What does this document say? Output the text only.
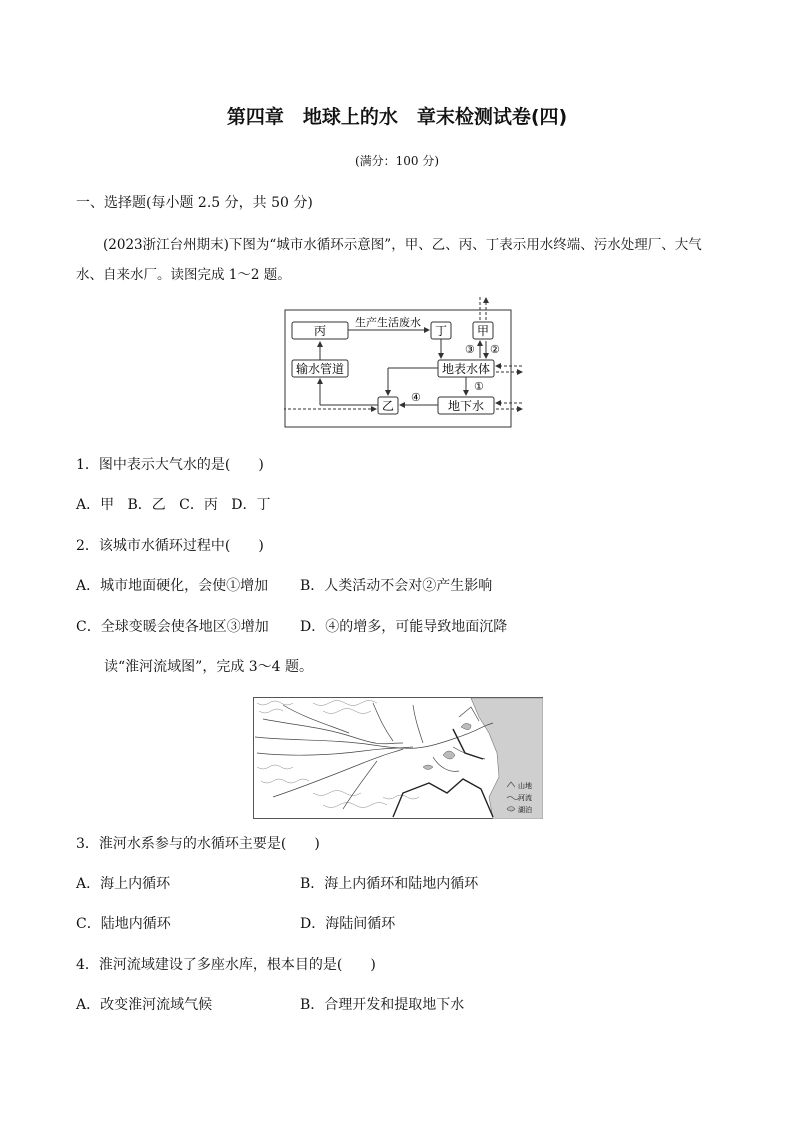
第四章　地球上的水　章末检测试卷(四)
(满分：100 分)
一、选择题(每小题 2.5 分，共 50 分)
(2023浙江台州期末)下图为“城市水循环示意图”，甲、乙、丙、丁表示用水终端、污水处理厂、大气水、自来水厂。读图完成 1～2 题。
丙	丁 甲
输水管道	地表水体
乙	地下水
生产生活废水
①
②
③
④
1．图中表示大气水的是(　　)
A．甲 B．乙 C．丙 D．丁
2．该城市水循环过程中(　　)
A．城市地面硬化，会使①增加 B．人类活动不会对②产生影响
C．全球变暖会使各地区③增加 D．④的增多，可能导致地面沉降
读“淮河流域图”，完成 3～4 题。
山地
河流
湖泊
3．淮河水系参与的水循环主要是(　　)
A．海上内循环	B．海上内循环和陆地内循环
C．陆地内循环	D．海陆间循环
4．淮河流域建设了多座水库，根本目的是(　　)
A．改变淮河流域气候	B．合理开发和提取地下水
